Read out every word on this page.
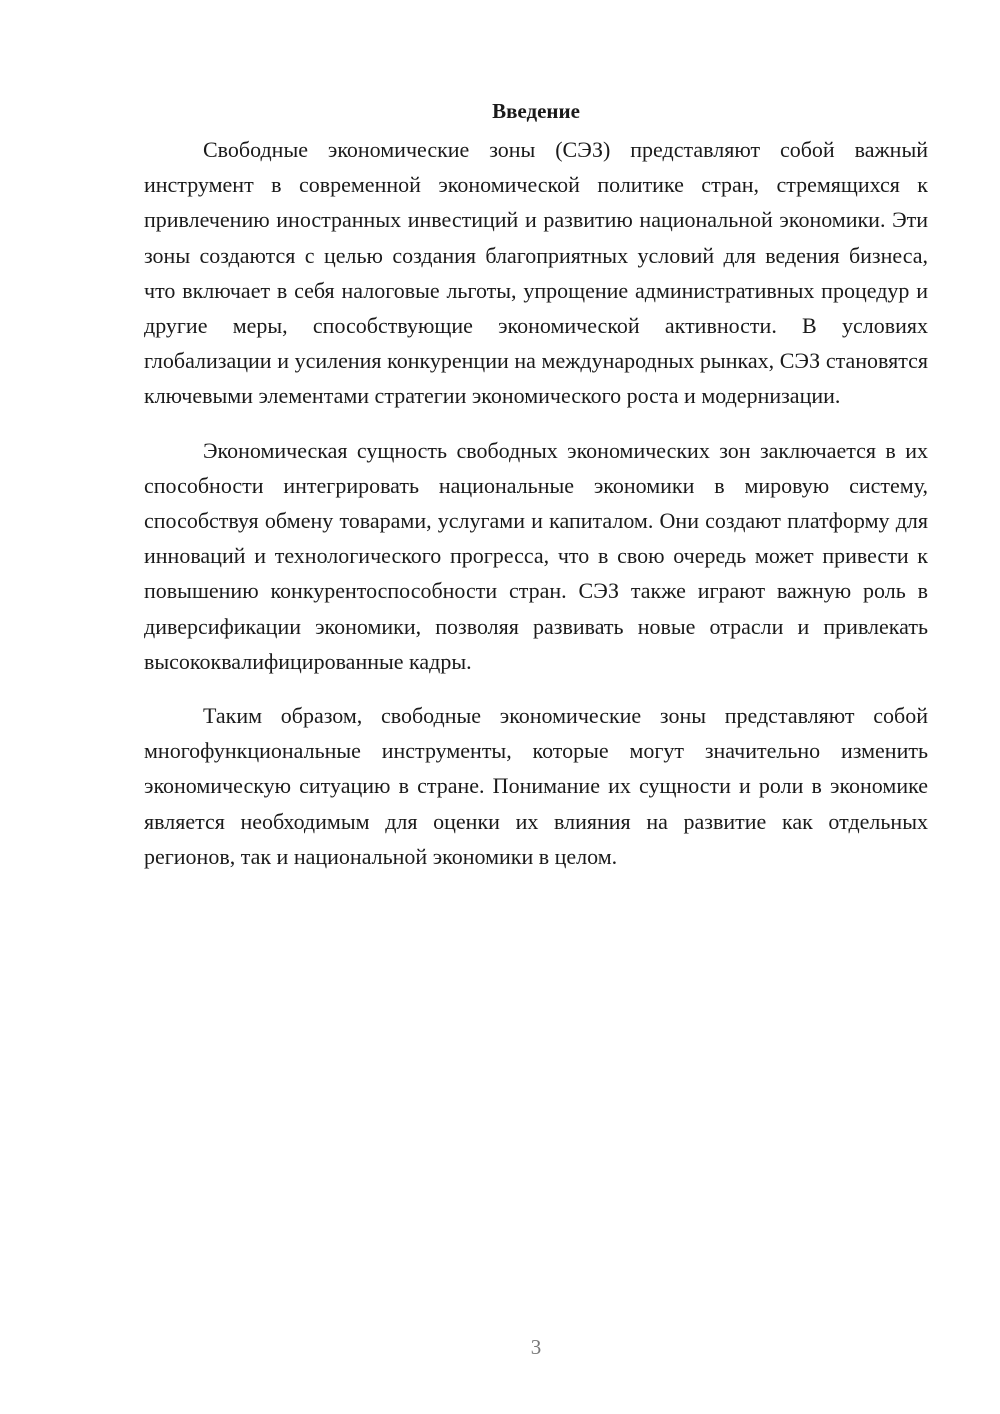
Введение

Свободные экономические зоны (СЭЗ) представляют собой важный инструмент в современной экономической политике стран, стремящихся к привлечению иностранных инвестиций и развитию национальной экономики. Эти зоны создаются с целью создания благоприятных условий для ведения бизнеса, что включает в себя налоговые льготы, упрощение административных процедур и другие меры, способствующие экономической активности. В условиях глобализации и усиления конкуренции на международных рынках, СЭЗ становятся ключевыми элементами стратегии экономического роста и модернизации.

Экономическая сущность свободных экономических зон заключается в их способности интегрировать национальные экономики в мировую систему, способствуя обмену товарами, услугами и капиталом. Они создают платформу для инноваций и технологического прогресса, что в свою очередь может привести к повышению конкурентоспособности стран. СЭЗ также играют важную роль в диверсификации экономики, позволяя развивать новые отрасли и привлекать высококвалифицированные кадры.

Таким образом, свободные экономические зоны представляют собой многофункциональные инструменты, которые могут значительно изменить экономическую ситуацию в стране. Понимание их сущности и роли в экономике является необходимым для оценки их влияния на развитие как отдельных регионов, так и национальной экономики в целом.

3
